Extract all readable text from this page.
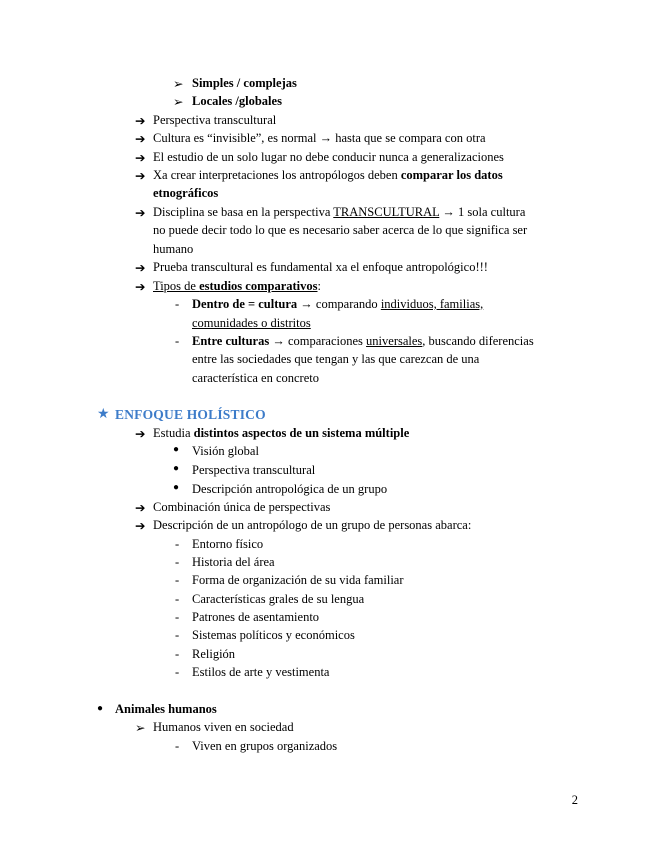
➢ Simples / complejas
➢ Locales /globales
➔ Perspectiva transcultural
➔ Cultura es “invisible”, es normal → hasta que se compara con otra
➔ El estudio de un solo lugar no debe conducir nunca a generalizaciones
➔ Xa crear interpretaciones los antropólogos deben comparar los datos
etnográficos
➔ Disciplina se basa en la perspectiva TRANSCULTURAL → 1 sola cultura
no puede decir todo lo que es necesario saber acerca de lo que significa ser
humano
➔ Prueba transcultural es fundamental xa el enfoque antropológico!!!
➔ Tipos de estudios comparativos:
- Dentro de = cultura → comparando individuos, familias,
comunidades o distritos
- Entre culturas → comparaciones universales, buscando diferencias
entre las sociedades que tengan y las que carezcan de una
característica en concreto
★ ENFOQUE HOLÍSTICO
➔ Estudia distintos aspectos de un sistema múltiple
● Visión global
● Perspectiva transcultural
● Descripción antropológica de un grupo
➔ Combinación única de perspectivas
➔ Descripción de un antropólogo de un grupo de personas abarca:
- Entorno físico
- Historia del área
- Forma de organización de su vida familiar
- Características grales de su lengua
- Patrones de asentamiento
- Sistemas políticos y económicos
- Religión
- Estilos de arte y vestimenta
● Animales humanos
➢ Humanos viven en sociedad
- Viven en grupos organizados
2
